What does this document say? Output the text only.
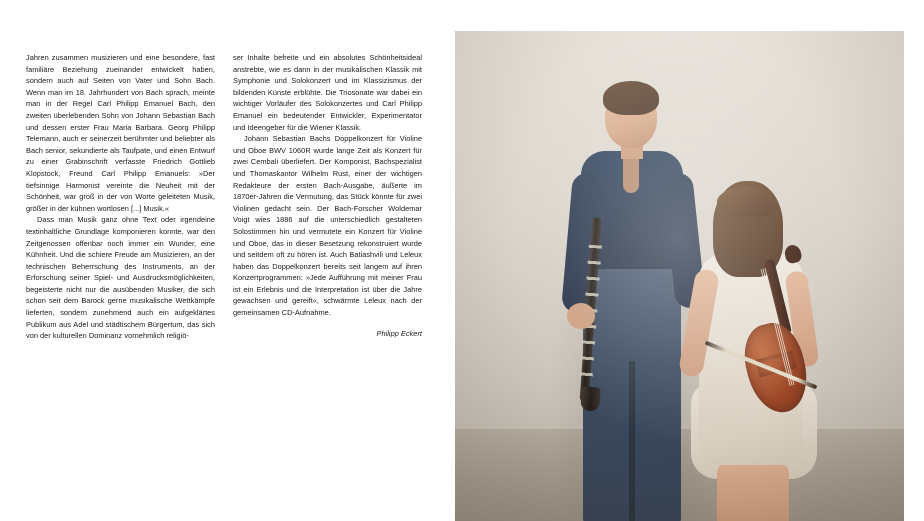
Jahren zusammen musizieren und eine besondere, fast familiäre Beziehung zueinander entwickelt haben, sondern auch auf Seiten von Vater und Sohn Bach. Wenn man im 18. Jahrhundert von Bach sprach, meinte man in der Regel Carl Philipp Emanuel Bach, den zweiten überlebenden Sohn von Johann Sebastian Bach und dessen erster Frau Maria Barbara. Georg Philipp Telemann, auch er seinerzeit berühmter und beliebter als Bach senior, sekundierte als Taufpate, und einen Entwurf zu einer Grabinschrift verfasste Friedrich Gottlieb Klopstock, Freund Carl Philipp Emanuels: »Der tiefsinnige Harmonist vereinte die Neuheit mit der Schönheit, war groß in der von Worte geleiteten Musik, größer in der kühnen wortlosen [...] Musik.«

Dass man Musik ganz ohne Text oder irgendeine textinhaltliche Grundlage komponieren konnte, war den Zeitgenossen offenbar noch immer ein Wunder, eine Kühnheit. Und die schiere Freude am Musizieren, an der technischen Beherrschung des Instruments, an der Erforschung seiner Spiel- und Ausdrucksmöglichkeiten, begeisterte nicht nur die ausübenden Musiker, die sich schon seit dem Barock gerne musikalische Wettkämpfe lieferten, sondern zunehmend auch ein aufgeklärtes Publikum aus Adel und städtischem Bürgertum, das sich von der kulturellen Dominanz vornehmlich religiö-

ser Inhalte befreite und ein absolutes Schönheitsideal anstrebte, wie es dann in der musikalischen Klassik mit Symphonie und Solokonzert und im Klassizismus der bildenden Künste erblühte. Die Triosonate war dabei ein wichtiger Vorläufer des Solokonzertes und Carl Philipp Emanuel ein bedeutender Entwickler, Experimentator und Ideengeber für die Wiener Klassik.

Johann Sebastian Bachs Doppelkonzert für Violine und Oboe BWV 1060R wurde lange Zeit als Konzert für zwei Cembali überliefert. Der Komponist, Bachspezialist und Thomaskantor Wilhelm Rust, einer der wichtigen Redakteure der ersten Bach-Ausgabe, äußerte im 1870er-Jahren die Vermutung, das Stück könnte für zwei Violinen gedacht sein. Der Bach-Forscher Woldemar Voigt wies 1886 auf die unterschiedlich gestalteten Solostimmen hin und vermutete ein Konzert für Violine und Oboe, das in dieser Besetzung rekonstruiert wurde und seitdem oft zu hören ist. Auch Batiashvili und Leleux haben das Doppelkonzert bereits seit langem auf ihren Konzertprogrammen: »Jede Aufführung mit meiner Frau ist ein Erlebnis und die Interpretation ist über die Jahre gewachsen und gereift«, schwärmte Leleux nach der gemeinsamen CD-Aufnahme.

Philipp Eckert
